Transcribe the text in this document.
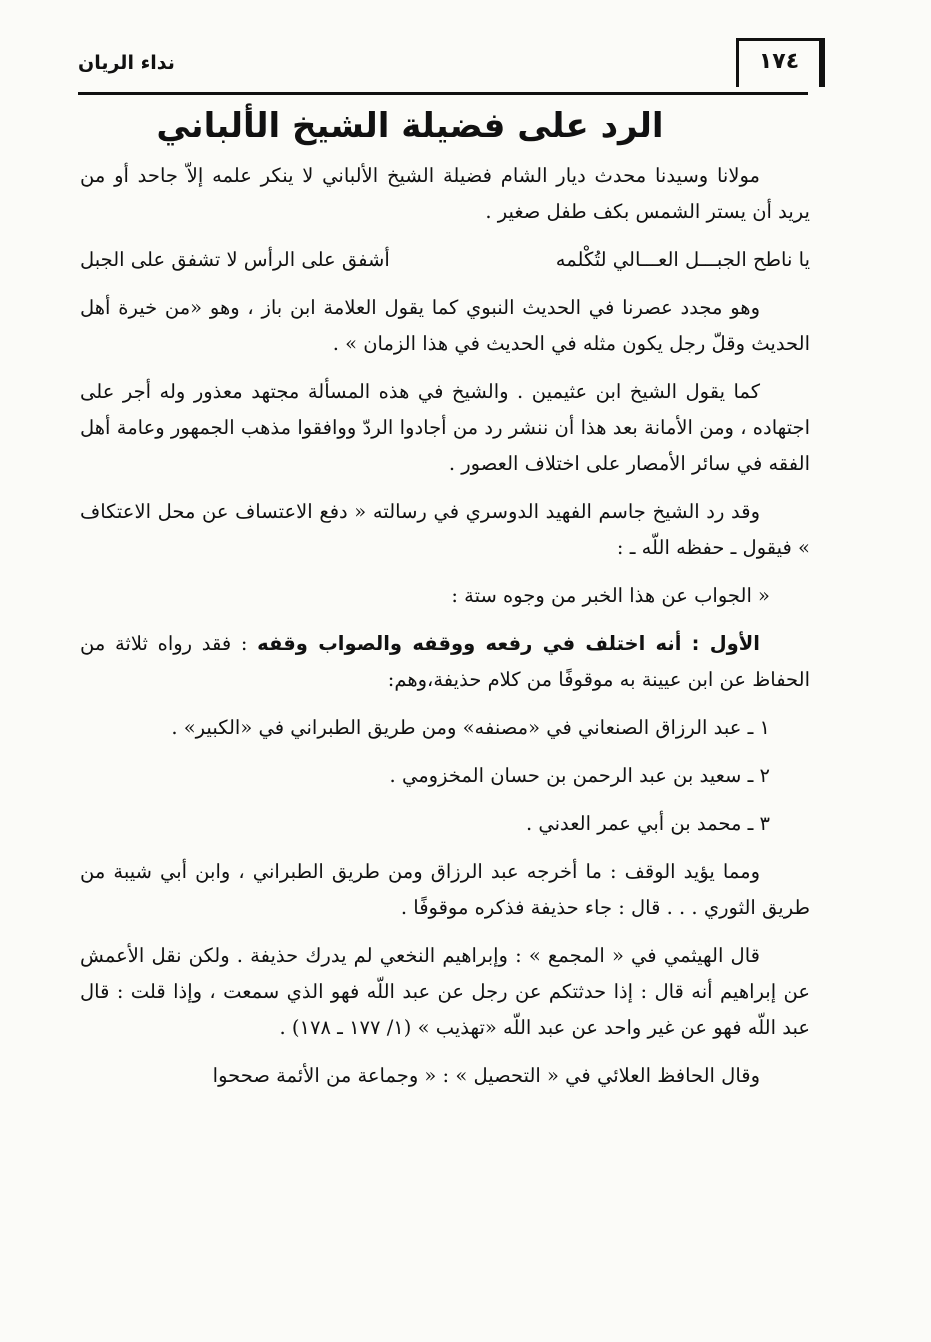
١٧٤
نداء الريان
الرد على فضيلة الشيخ الألباني

مولانا وسيدنا محدث ديار الشام فضيلة الشيخ الألباني لا ينكر علمه إلاّ جاحد أو من يريد أن يستر الشمس بكف طفل صغير .

يا ناطح الجبـــل العـــالي لتُكْلمه
أشفق على الرأس لا تشفق على الجبل

وهو مجدد عصرنا في الحديث النبوي كما يقول العلامة ابن باز ، وهو «من خيرة أهل الحديث وقلّ رجل يكون مثله في الحديث في هذا الزمان » .

كما يقول الشيخ ابن عثيمين . والشيخ في هذه المسألة مجتهد معذور وله أجر على اجتهاده ، ومن الأمانة بعد هذا أن ننشر رد من أجادوا الردّ ووافقوا مذهب الجمهور وعامة أهل الفقه في سائر الأمصار على اختلاف العصور .

وقد رد الشيخ جاسم الفهيد الدوسري في رسالته « دفع الاعتساف عن محل الاعتكاف » فيقول ـ حفظه اللّه ـ :

« الجواب عن هذا الخبر من وجوه ستة :

الأول : أنه اختلف في رفعه ووقفه والصواب وقفه : فقد رواه ثلاثة من الحفاظ عن ابن عيينة به موقوفًا من كلام حذيفة،وهم:

١ ـ عبد الرزاق الصنعاني في «مصنفه» ومن طريق الطبراني في «الكبير» .

٢ ـ سعيد بن عبد الرحمن بن حسان المخزومي .

٣ ـ محمد بن أبي عمر العدني .

ومما يؤيد الوقف : ما أخرجه عبد الرزاق ومن طريق الطبراني ، وابن أبي شيبة من طريق الثوري . . . قال : جاء حذيفة فذكره موقوفًا .

قال الهيثمي في « المجمع » : وإبراهيم النخعي لم يدرك حذيفة . ولكن نقل الأعمش عن إبراهيم أنه قال : إذا حدثتكم عن رجل عن عبد اللّه فهو الذي سمعت ، وإذا قلت : قال عبد اللّه فهو عن غير واحد عن عبد اللّه «تهذيب » (١/ ١٧٧ ـ ١٧٨) .

وقال الحافظ العلائي في « التحصيل » : « وجماعة من الأئمة صححوا
